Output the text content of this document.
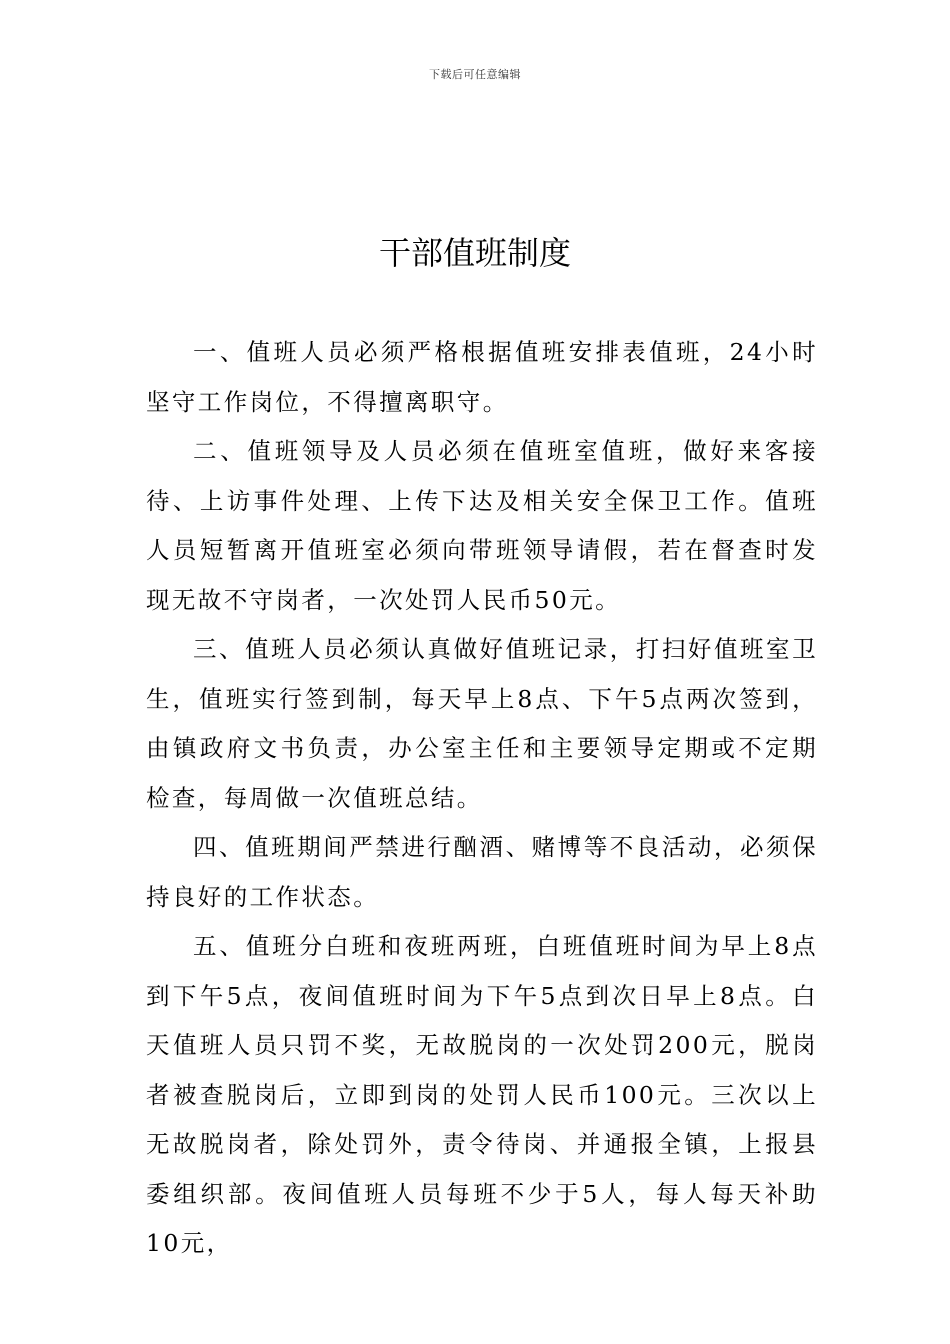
下载后可任意编辑
干部值班制度

一、值班人员必须严格根据值班安排表值班，24小时坚守工作岗位，不得擅离职守。

二、值班领导及人员必须在值班室值班，做好来客接待、上访事件处理、上传下达及相关安全保卫工作。值班人员短暂离开值班室必须向带班领导请假，若在督查时发现无故不守岗者，一次处罚人民币50元。

三、值班人员必须认真做好值班记录，打扫好值班室卫生，值班实行签到制，每天早上8点、下午5点两次签到，由镇政府文书负责，办公室主任和主要领导定期或不定期检查，每周做一次值班总结。

四、值班期间严禁进行酗酒、赌博等不良活动，必须保持良好的工作状态。

五、值班分白班和夜班两班，白班值班时间为早上8点到下午5点，夜间值班时间为下午5点到次日早上8点。白天值班人员只罚不奖，无故脱岗的一次处罚200元，脱岗者被查脱岗后，立即到岗的处罚人民币100元。三次以上无故脱岗者，除处罚外，责令待岗、并通报全镇，上报县委组织部。夜间值班人员每班不少于5人，每人每天补助10元，
